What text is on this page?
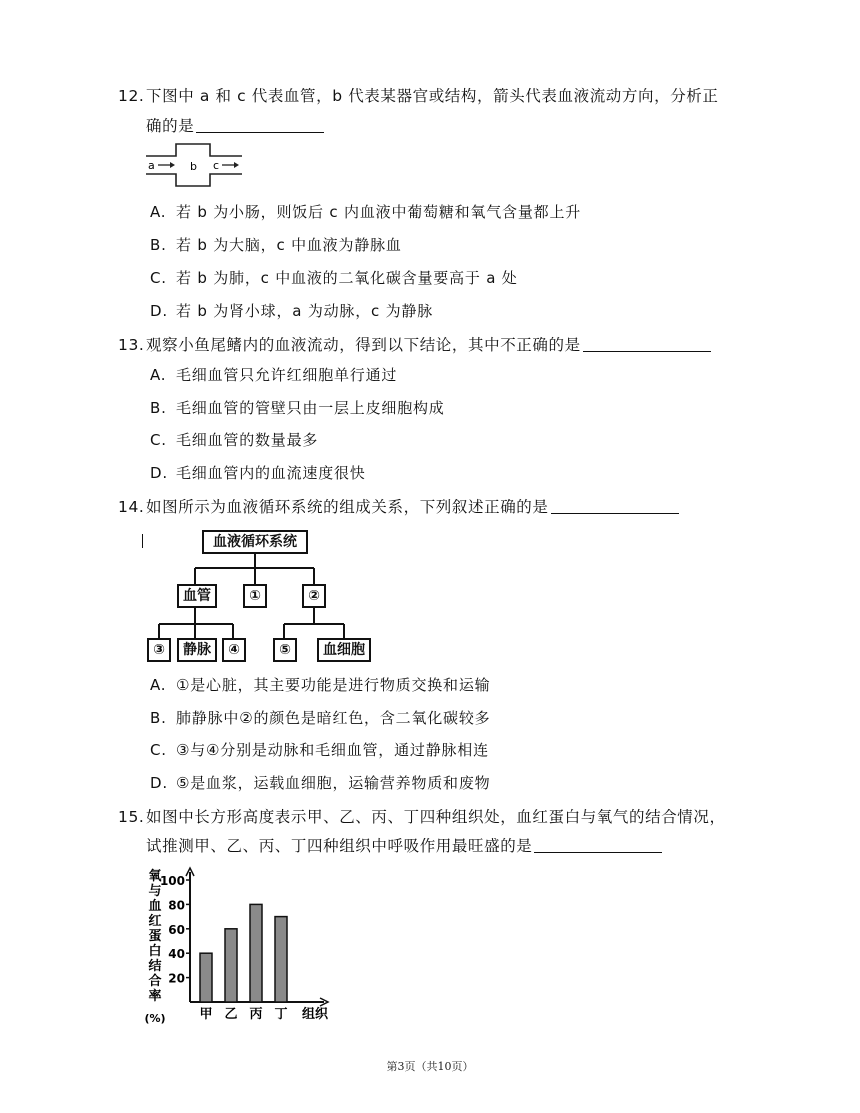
12.下图中 a 和 c 代表血管，b 代表某器官或结构，箭头代表血液流动方向，分析正
确的是
a	b c
A. 若 b 为小肠，则饭后 c 内血液中葡萄糖和氧气含量都上升
B. 若 b 为大脑，c 中血液为静脉血
C. 若 b 为肺，c 中血液的二氧化碳含量要高于 a 处
D. 若 b 为肾小球，a 为动脉，c 为静脉
13.观察小鱼尾鳍内的血液流动，得到以下结论，其中不正确的是
A. 毛细血管只允许红细胞单行通过
B. 毛细血管的管壁只由一层上皮细胞构成
C. 毛细血管的数量最多
D. 毛细血管内的血流速度很快
14.如图所示为血液循环系统的组成关系，下列叙述正确的是
血液循环系统
血管	①	②
③	静脉	④	⑤	血细胞
A. ①是心脏，其主要功能是进行物质交换和运输
B. 肺静脉中②的颜色是暗红色，含二氧化碳较多
C. ③与④分别是动脉和毛细血管，通过静脉相连
D. ⑤是血浆，运载血细胞，运输营养物质和废物
15.如图中长方形高度表示甲、乙、丙、丁四种组织处，血红蛋白与氧气的结合情况，
试推测甲、乙、丙、丁四种组织中呼吸作用最旺盛的是
氧
与
血
红
蛋
白
结
合
率
(%)
20
40
60
80
100
甲 乙 丙 丁 组织
第3页（共10页）
